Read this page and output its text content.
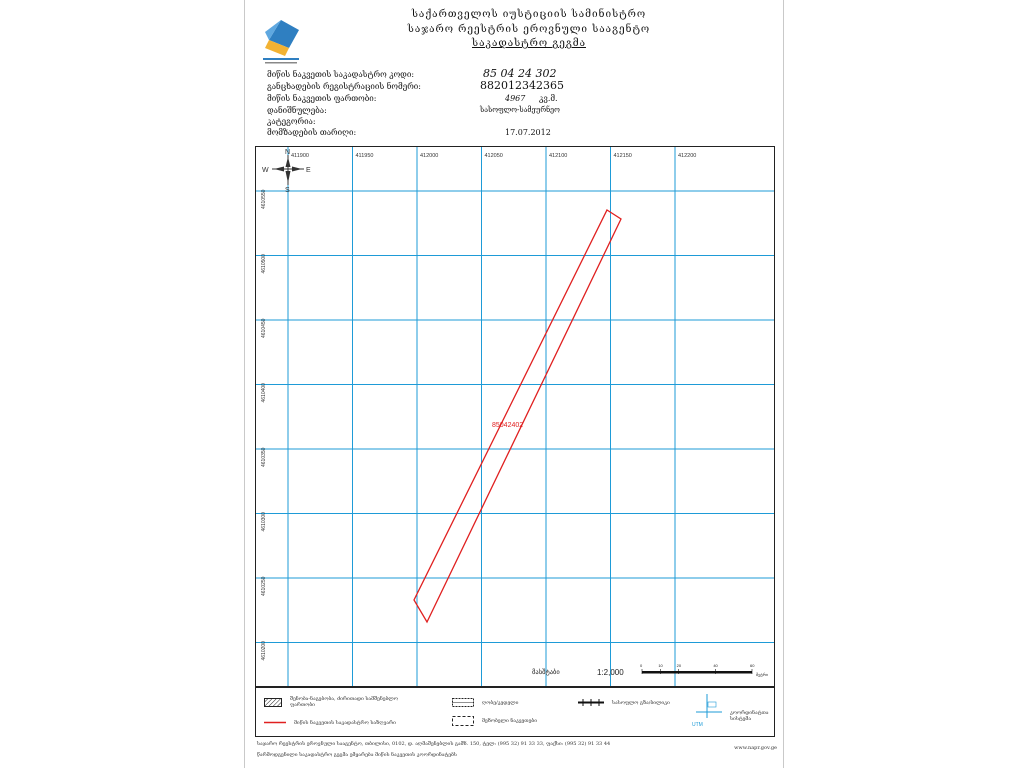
საქართველოს იუსტიციის სამინისტრო
საჯარო რეესტრის ეროვნული სააგენტო
საკადასტრო გეგმა
მიწის ნაკვეთის საკადასტრო კოდი:	85 04 24 302
განცხადების რეგისტრაციის ნომერი:	882012342365
მიწის ნაკვეთის ფართობი:	4967 კვ.მ.
დანიშნულება:	სასოფლო-სამეურნეო
კატეგორია:
მომზადების თარიღი:	17.07.2012
411900	411950	412000	412050	412100	412150	412200
4610550
4610500
4610450
4610400
4610350
4610300
4610250
4610200
85042402
N
S
E
W
მასშტაბი	1:2,000
0	10	20	40	60
მეტრი
შენობა-ნაგებობა, ძირითადი სამშენებლო ფართობი	ღობე/კედელი	სასოფლო გზა/ბილიკი
მიწის ნაკვეთის საკადასტრო საზღვარი	მეზობელი ნაკვეთები
UTM
კოორდინატთა სისტემა
საჯარო რეესტრის ეროვნული სააგენტო, თბილისი, 0102, დ. აღმაშენებლის გამზ. 150, ტელ: (995 32) 91 33 33, ფაქსი: (995 32) 91 33 44
წარმოდგენილი საკადასტრო გეგმა ემყარება მიწის ნაკვეთის კოორდინატებს
www.napr.gov.ge
